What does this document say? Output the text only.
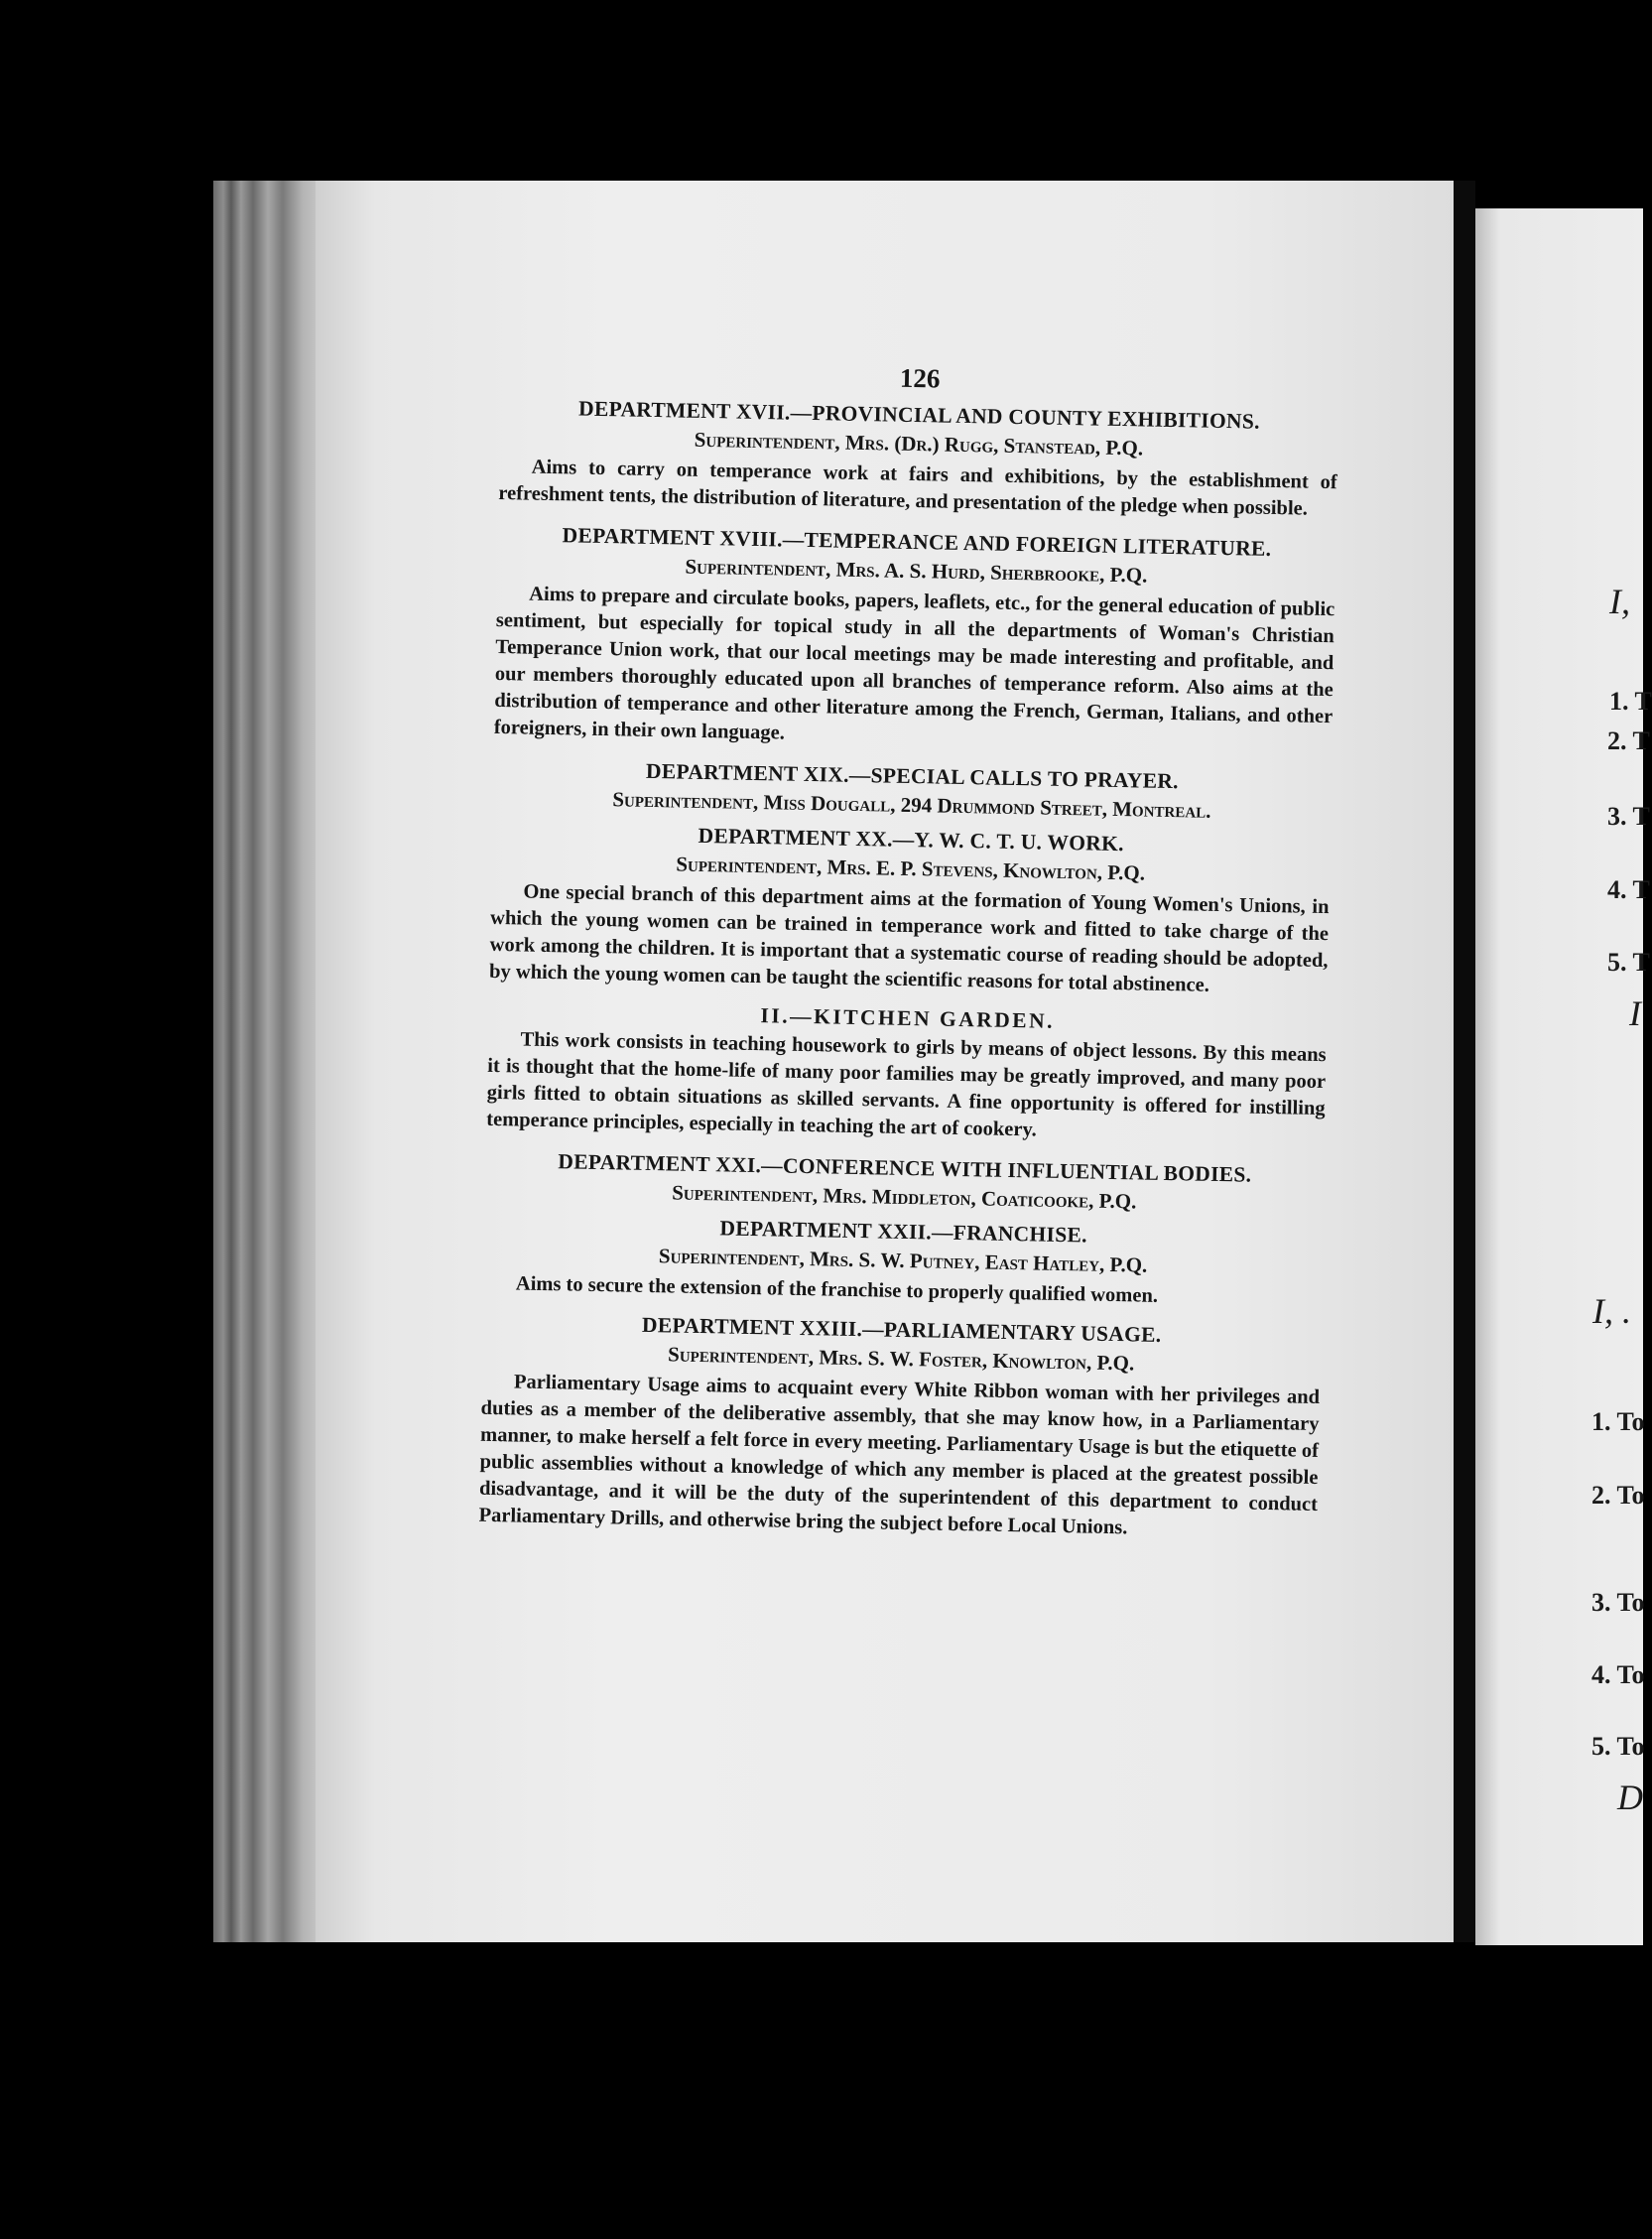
I,
1. T
2. T
3. T
4. T
5. T
I
I, .
1. To
2. To
3. To
4. To
5. To
D
126
DEPARTMENT XVII.—PROVINCIAL AND COUNTY EXHIBITIONS.
Superintendent, Mrs. (Dr.) Rugg, Stanstead, P.Q.
Aims to carry on temperance work at fairs and exhibitions, by the establishment of refreshment tents, the distribution of literature, and presentation of the pledge when possible.
DEPARTMENT XVIII.—TEMPERANCE AND FOREIGN LITERATURE.
Superintendent, Mrs. A. S. Hurd, Sherbrooke, P.Q.
Aims to prepare and circulate books, papers, leaflets, etc., for the general education of public sentiment, but especially for topical study in all the departments of Woman's Christian Temperance Union work, that our local meetings may be made interesting and profitable, and our members thoroughly educated upon all branches of temperance reform. Also aims at the distribution of temperance and other literature among the French, German, Italians, and other foreigners, in their own language.
DEPARTMENT XIX.—SPECIAL CALLS TO PRAYER.
Superintendent, Miss Dougall, 294 Drummond Street, Montreal.
DEPARTMENT XX.—Y. W. C. T. U. WORK.
Superintendent, Mrs. E. P. Stevens, Knowlton, P.Q.
One special branch of this department aims at the formation of Young Women's Unions, in which the young women can be trained in temperance work and fitted to take charge of the work among the children. It is important that a systematic course of reading should be adopted, by which the young women can be taught the scientific reasons for total abstinence.
II.—KITCHEN GARDEN.
This work consists in teaching housework to girls by means of object lessons. By this means it is thought that the home-life of many poor families may be greatly improved, and many poor girls fitted to obtain situations as skilled servants. A fine opportunity is offered for instilling temperance principles, especially in teaching the art of cookery.
DEPARTMENT XXI.—CONFERENCE WITH INFLUENTIAL BODIES.
Superintendent, Mrs. Middleton, Coaticooke, P.Q.
DEPARTMENT XXII.—FRANCHISE.
Superintendent, Mrs. S. W. Putney, East Hatley, P.Q.
Aims to secure the extension of the franchise to properly qualified women.
DEPARTMENT XXIII.—PARLIAMENTARY USAGE.
Superintendent, Mrs. S. W. Foster, Knowlton, P.Q.
Parliamentary Usage aims to acquaint every White Ribbon woman with her privileges and duties as a member of the deliberative assembly, that she may know how, in a Parliamentary manner, to make herself a felt force in every meeting. Parliamentary Usage is but the etiquette of public assemblies without a knowledge of which any member is placed at the greatest possible disadvantage, and it will be the duty of the superintendent of this department to conduct Parliamentary Drills, and otherwise bring the subject before Local Unions.
